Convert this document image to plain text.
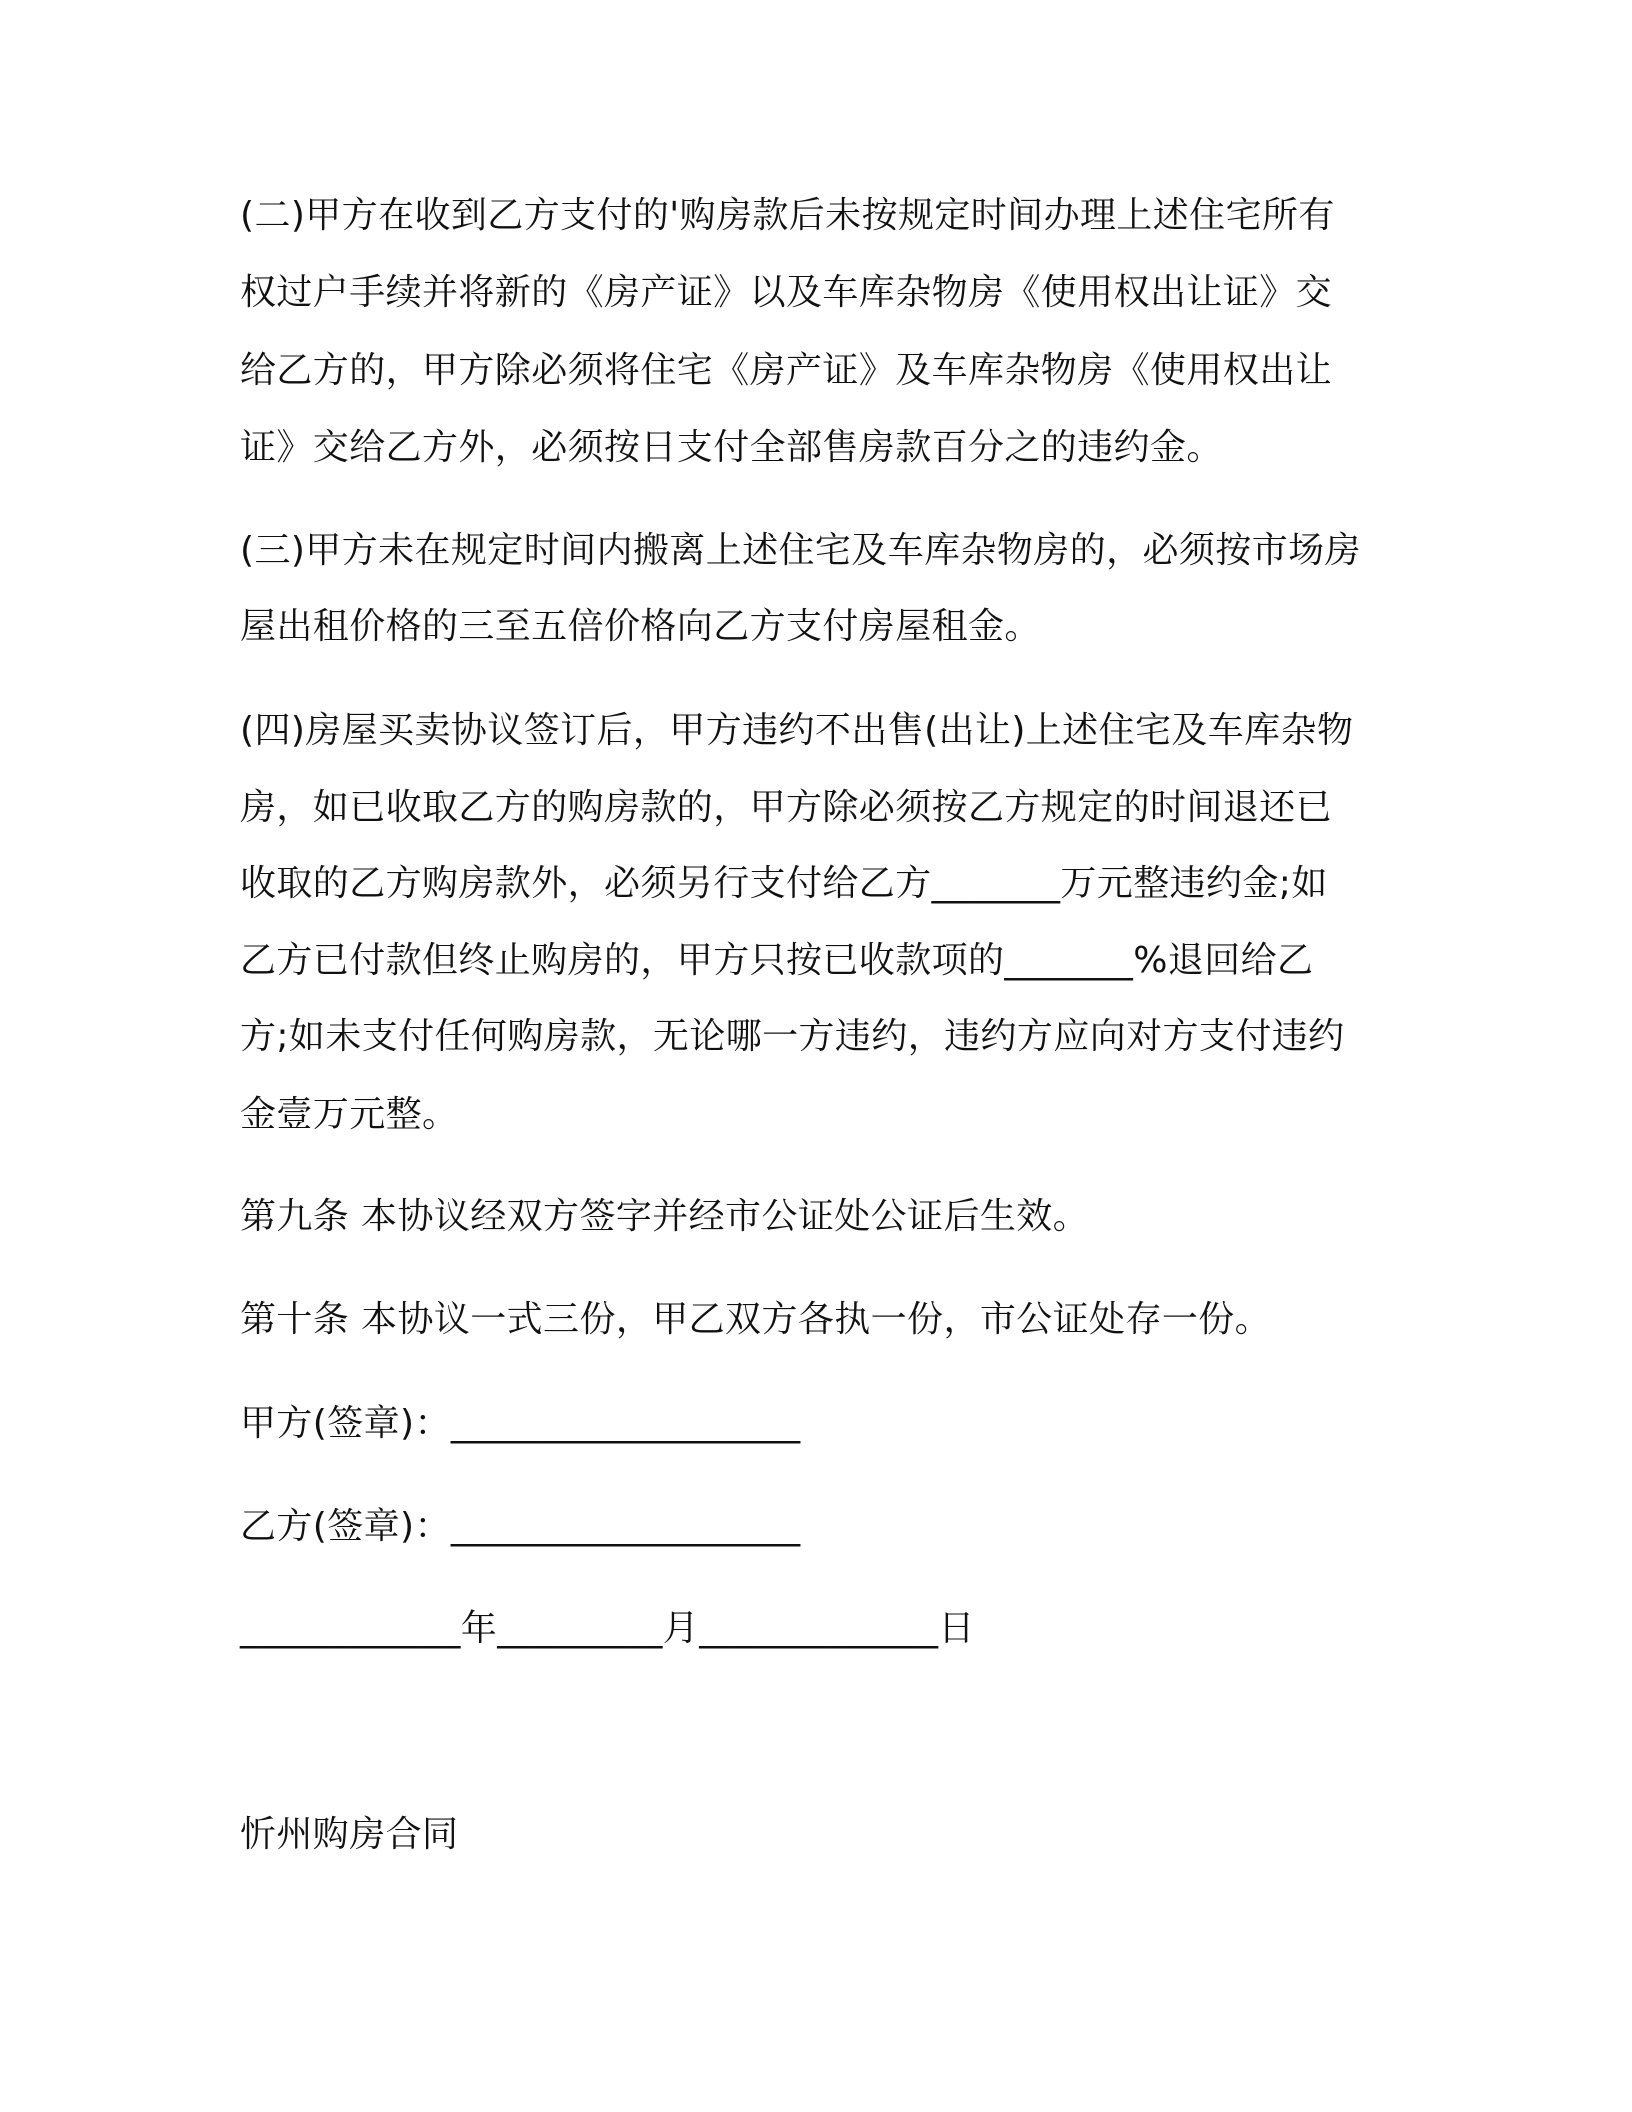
(二)甲方在收到乙方支付的'购房款后未按规定时间办理上述住宅所有
权过户手续并将新的《房产证》以及车库杂物房《使用权出让证》交
给乙方的，甲方除必须将住宅《房产证》及车库杂物房《使用权出让
证》交给乙方外，必须按日支付全部售房款百分之的违约金。
(三)甲方未在规定时间内搬离上述住宅及车库杂物房的，必须按市场房
屋出租价格的三至五倍价格向乙方支付房屋租金。
(四)房屋买卖协议签订后，甲方违约不出售(出让)上述住宅及车库杂物
房，如已收取乙方的购房款的，甲方除必须按乙方规定的时间退还已
收取的乙方购房款外，必须另行支付给乙方_______万元整违约金;如
乙方已付款但终止购房的，甲方只按已收款项的_______%退回给乙
方;如未支付任何购房款，无论哪一方违约，违约方应向对方支付违约
金壹万元整。
第九条 本协议经双方签字并经市公证处公证后生效。
第十条 本协议一式三份，甲乙双方各执一份，市公证处存一份。
甲方(签章)：___________________
乙方(签章)：___________________
____________年_________月_____________日
忻州购房合同
